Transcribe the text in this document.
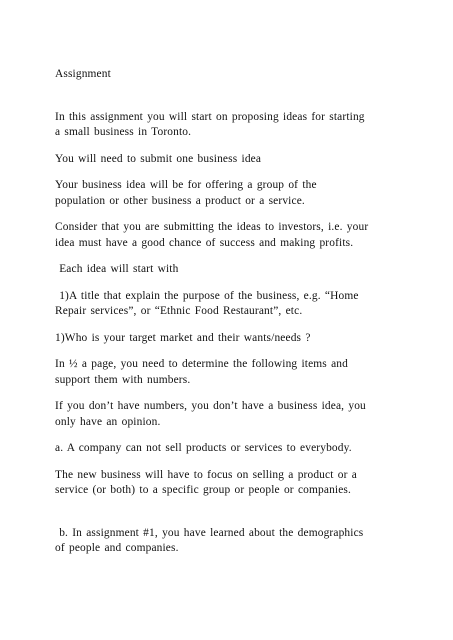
Assignment

In this assignment you will start on proposing ideas for starting
a small business in Toronto.

You will need to submit one business idea

Your business idea will be for offering a group of the
population or other business a product or a service.

Consider that you are submitting the ideas to investors, i.e. your
idea must have a good chance of success and making profits.

Each idea will start with

1)A title that explain the purpose of the business, e.g. “Home
Repair services”, or “Ethnic Food Restaurant”, etc.

1)Who is your target market and their wants/needs ?

In ½ a page, you need to determine the following items and
support them with numbers.

If you don’t have numbers, you don’t have a business idea, you
only have an opinion.

a. A company can not sell products or services to everybody.

The new business will have to focus on selling a product or a
service (or both) to a specific group or people or companies.

b. In assignment #1, you have learned about the demographics
of people and companies.
